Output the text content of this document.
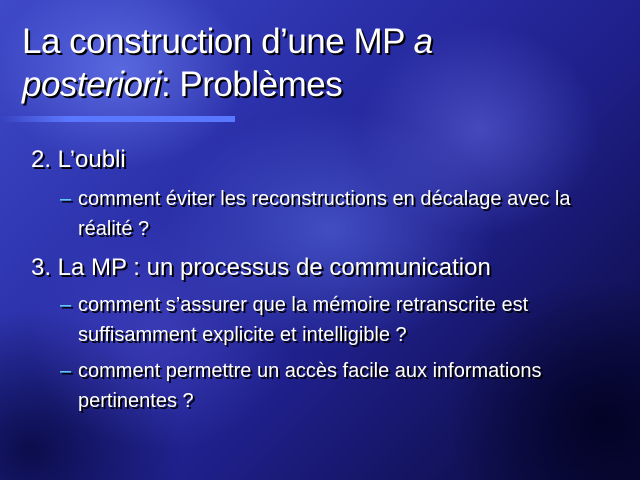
La construction d’une MP a
posteriori: Problèmes
2. L’oubli
– comment éviter les reconstructions en décalage avec la réalité ?
3. La MP : un processus de communication
– comment s’assurer que la mémoire retranscrite est suffisamment explicite et intelligible ?
– comment permettre un accès facile aux informations pertinentes ?
